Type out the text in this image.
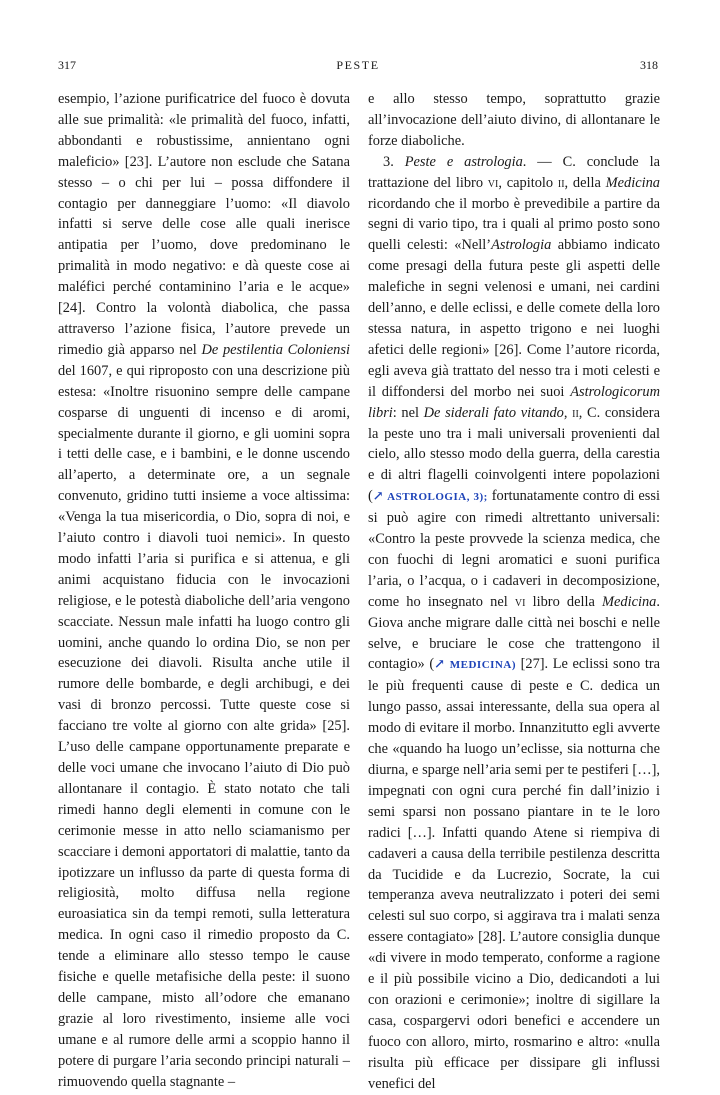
317	PESTE	318

esempio, l’azione purificatrice del fuoco è dovuta alle sue primalità: «le primalità del fuoco, infatti, abbondanti e robustissime, annientano ogni maleficio» [23]. L’autore non esclude che Satana stesso – o chi per lui – possa diffondere il contagio per danneggiare l’uomo: «Il diavolo infatti si serve delle cose alle quali inerisce antipatia per l’uomo, dove predominano le primalità in modo negativo: e dà queste cose ai maléfici perché contaminino l’aria e le acque» [24]. Contro la volontà diabolica, che passa attraverso l’azione fisica, l’autore prevede un rimedio già apparso nel De pestilentia Coloniensi del 1607, e qui riproposto con una descrizione più estesa: «Inoltre risuonino sempre delle campane cosparse di unguenti di incenso e di aromi, specialmente durante il giorno, e gli uomini sopra i tetti delle case, e i bambini, e le donne uscendo all’aperto, a determinate ore, a un segnale convenuto, gridino tutti insieme a voce altissima: «Venga la tua misericordia, o Dio, sopra di noi, e l’aiuto contro i diavoli tuoi nemici». In questo modo infatti l’aria si purifica e si attenua, e gli animi acquistano fiducia con le invocazioni religiose, e le potestà diaboliche dell’aria vengono scacciate. Nessun male infatti ha luogo contro gli uomini, anche quando lo ordina Dio, se non per esecuzione dei diavoli. Risulta anche utile il rumore delle bombarde, e degli archibugi, e dei vasi di bronzo percossi. Tutte queste cose si facciano tre volte al giorno con alte grida» [25]. L’uso delle campane opportunamente preparate e delle voci umane che invocano l’aiuto di Dio può allontanare il contagio. È stato notato che tali rimedi hanno degli elementi in comune con le cerimonie messe in atto nello sciamanismo per scacciare i demoni apportatori di malattie, tanto da ipotizzare un influsso da parte di questa forma di religiosità, molto diffusa nella regione euroasiatica sin da tempi remoti, sulla letteratura medica. In ogni caso il rimedio proposto da C. tende a eliminare allo stesso tempo le cause fisiche e quelle metafisiche della peste: il suono delle campane, misto all’odore che emanano grazie al loro rivestimento, insieme alle voci umane e al rumore delle armi a scoppio hanno il potere di purgare l’aria secondo principi naturali – rimuovendo quella stagnante –

e allo stesso tempo, soprattutto grazie all’invocazione dell’aiuto divino, di allontanare le forze diaboliche.

3. Peste e astrologia. — C. conclude la trattazione del libro vi, capitolo ii, della Medicina ricordando che il morbo è prevedibile a partire da segni di vario tipo, tra i quali al primo posto sono quelli celesti: «Nell’Astrologia abbiamo indicato come presagi della futura peste gli aspetti delle malefiche in segni velenosi e umani, nei cardini dell’anno, e delle eclissi, e delle comete della loro stessa natura, in aspetto trigono e nei luoghi afetici delle regioni» [26]. Come l’autore ricorda, egli aveva già trattato del nesso tra i moti celesti e il diffondersi del morbo nei suoi Astrologicorum libri: nel De siderali fato vitando, ii, C. considera la peste uno tra i mali universali provenienti dal cielo, allo stesso modo della guerra, della carestia e di altri flagelli coinvolgenti intere popolazioni (↗ ASTROLOGIA, 3); fortunatamente contro di essi si può agire con rimedi altrettanto universali: «Contro la peste provvede la scienza medica, che con fuochi di legni aromatici e suoni purifica l’aria, o l’acqua, o i cadaveri in decomposizione, come ho insegnato nel vi libro della Medicina. Giova anche migrare dalle città nei boschi e nelle selve, e bruciare le cose che trattengono il contagio» (↗ MEDICINA) [27]. Le eclissi sono tra le più frequenti cause di peste e C. dedica un lungo passo, assai interessante, della sua opera al modo di evitare il morbo. Innanzitutto egli avverte che «quando ha luogo un’eclisse, sia notturna che diurna, e sparge nell’aria semi per te pestiferi […], impegnati con ogni cura perché fin dall’inizio i semi sparsi non possano piantare in te le loro radici […]. Infatti quando Atene si riempiva di cadaveri a causa della terribile pestilenza descritta da Tucidide e da Lucrezio, Socrate, la cui temperanza aveva neutralizzato i poteri dei semi celesti sul suo corpo, si aggirava tra i malati senza essere contagiato» [28]. L’autore consiglia dunque «di vivere in modo temperato, conforme a ragione e il più possibile vicino a Dio, dedicandoti a lui con orazioni e cerimonie»; inoltre di sigillare la casa, cospargervi odori benefici e accendere un fuoco con alloro, mirto, rosmarino e altro: «nulla risulta più efficace per dissipare gli influssi venefici del
